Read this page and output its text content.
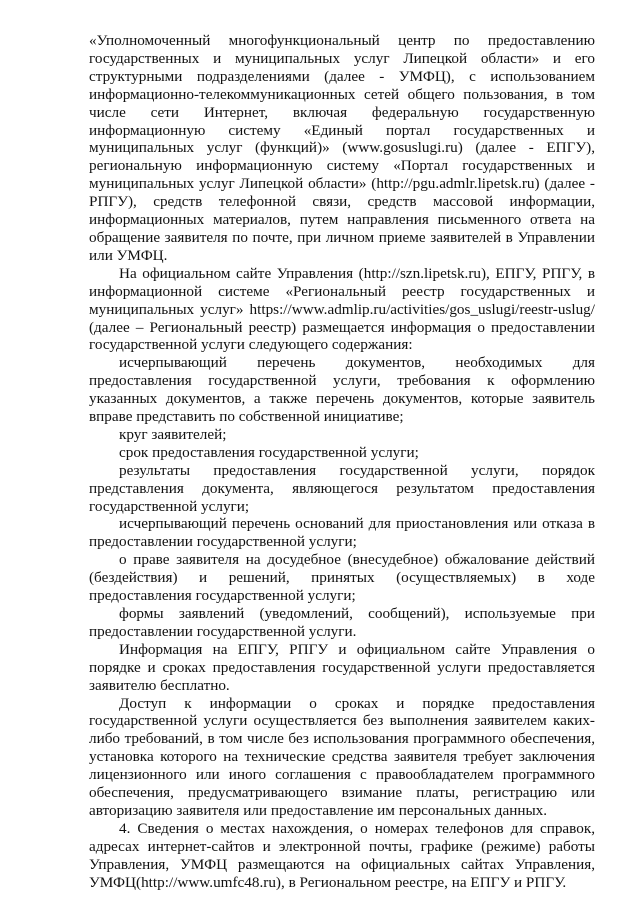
«Уполномоченный многофункциональный центр по предоставлению государственных и муниципальных услуг Липецкой области» и его структурными подразделениями (далее - УМФЦ), с использованием информационно-телекоммуникационных сетей общего пользования, в том числе сети Интернет, включая федеральную государственную информационную систему «Единый портал государственных и муниципальных услуг (функций)» (www.gosuslugi.ru) (далее - ЕПГУ), региональную информационную систему «Портал государственных и муниципальных услуг Липецкой области» (http://pgu.admlr.lipetsk.ru) (далее - РПГУ), средств телефонной связи, средств массовой информации, информационных материалов, путем направления письменного ответа на обращение заявителя по почте, при личном приеме заявителей в Управлении или УМФЦ.

На официальном сайте Управления (http://szn.lipetsk.ru), ЕПГУ, РПГУ, в информационной системе «Региональный реестр государственных и муниципальных услуг» https://www.admlip.ru/activities/gos_uslugi/reestr-uslug/ (далее – Региональный реестр) размещается информация о предоставлении государственной услуги следующего содержания:

исчерпывающий перечень документов, необходимых для предоставления государственной услуги, требования к оформлению указанных документов, а также перечень документов, которые заявитель вправе представить по собственной инициативе;

круг заявителей;

срок предоставления государственной услуги;

результаты предоставления государственной услуги, порядок представления документа, являющегося результатом предоставления государственной услуги;

исчерпывающий перечень оснований для приостановления или отказа в предоставлении государственной услуги;

о праве заявителя на досудебное (внесудебное) обжалование действий (бездействия) и решений, принятых (осуществляемых) в ходе предоставления государственной услуги;

формы заявлений (уведомлений, сообщений), используемые при предоставлении государственной услуги.

Информация на ЕПГУ, РПГУ и официальном сайте Управления о порядке и сроках предоставления государственной услуги предоставляется заявителю бесплатно.

Доступ к информации о сроках и порядке предоставления государственной услуги осуществляется без выполнения заявителем каких-либо требований, в том числе без использования программного обеспечения, установка которого на технические средства заявителя требует заключения лицензионного или иного соглашения с правообладателем программного обеспечения, предусматривающего взимание платы, регистрацию или авторизацию заявителя или предоставление им персональных данных.

4. Сведения о местах нахождения, о номерах телефонов для справок, адресах интернет-сайтов и электронной почты, графике (режиме) работы Управления, УМФЦ размещаются на официальных сайтах Управления, УМФЦ(http://www.umfc48.ru), в Региональном реестре, на ЕПГУ и РПГУ.
